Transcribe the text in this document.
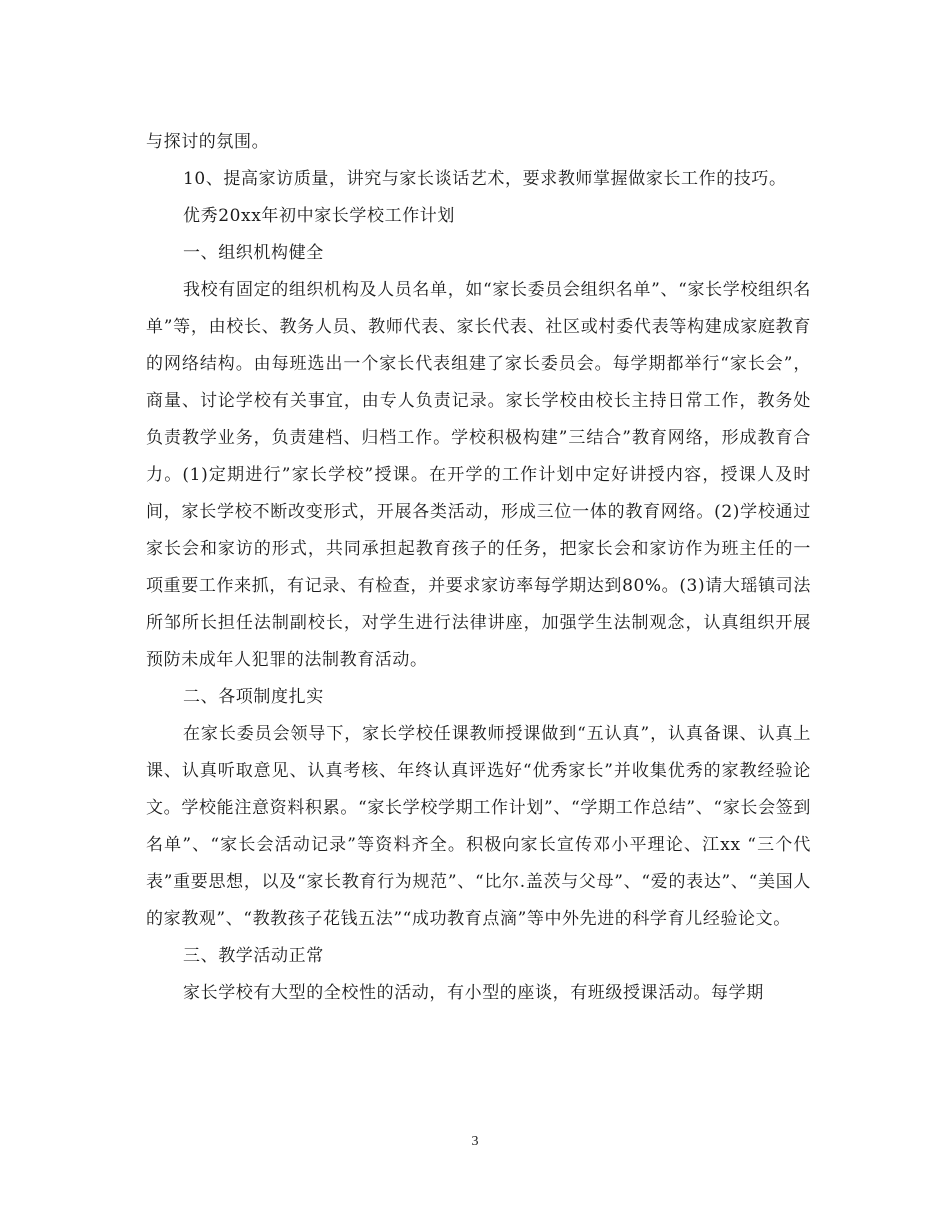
与探讨的氛围。

10、提高家访质量，讲究与家长谈话艺术，要求教师掌握做家长工作的技巧。

优秀20xx年初中家长学校工作计划

一、组织机构健全

我校有固定的组织机构及人员名单，如“家长委员会组织名单”、“家长学校组织名单”等，由校长、教务人员、教师代表、家长代表、社区或村委代表等构建成家庭教育的网络结构。由每班选出一个家长代表组建了家长委员会。每学期都举行“家长会”，商量、讨论学校有关事宜，由专人负责记录。家长学校由校长主持日常工作，教务处负责教学业务，负责建档、归档工作。学校积极构建”三结合”教育网络，形成教育合力。(1)定期进行”家长学校”授课。在开学的工作计划中定好讲授内容，授课人及时间，家长学校不断改变形式，开展各类活动，形成三位一体的教育网络。(2)学校通过家长会和家访的形式，共同承担起教育孩子的任务，把家长会和家访作为班主任的一项重要工作来抓，有记录、有检查，并要求家访率每学期达到80%。(3)请大瑶镇司法所邹所长担任法制副校长，对学生进行法律讲座，加强学生法制观念，认真组织开展预防未成年人犯罪的法制教育活动。

二、各项制度扎实

在家长委员会领导下，家长学校任课教师授课做到“五认真”，认真备课、认真上课、认真听取意见、认真考核、年终认真评选好“优秀家长”并收集优秀的家教经验论文。学校能注意资料积累。“家长学校学期工作计划”、“学期工作总结”、“家长会签到名单”、“家长会活动记录”等资料齐全。积极向家长宣传邓小平理论、江xx “三个代表”重要思想，以及“家长教育行为规范”、“比尔.盖茨与父母”、“爱的表达”、“美国人的家教观”、“教教孩子花钱五法”“成功教育点滴”等中外先进的科学育儿经验论文。

三、教学活动正常

家长学校有大型的全校性的活动，有小型的座谈，有班级授课活动。每学期

3
